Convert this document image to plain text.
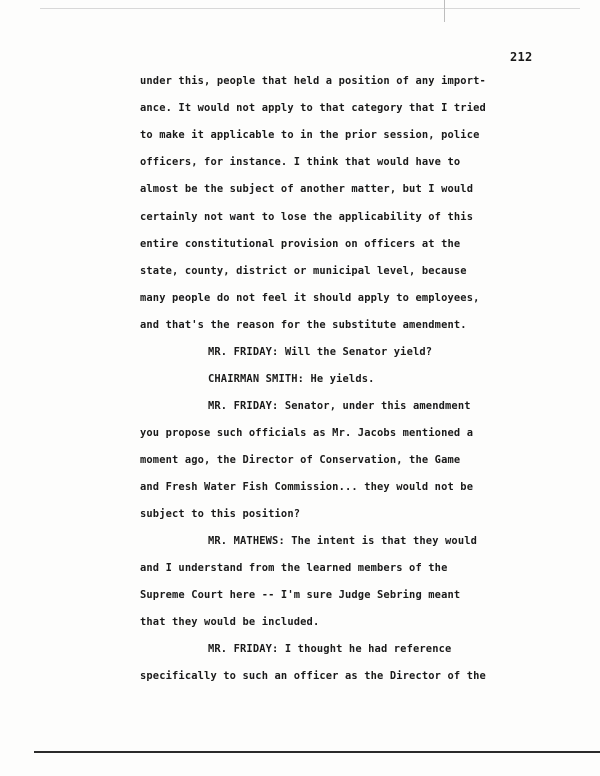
212
under this, people that held a position of any import-
ance. It would not apply to that category that I tried
to make it applicable to in the prior session, police
officers, for instance. I think that would have to
almost be the subject of another matter, but I would
certainly not want to lose the applicability of this
entire constitutional provision on officers at the
state, county, district or municipal level, because
many people do not feel it should apply to employees,
and that's the reason for the substitute amendment.
MR. FRIDAY: Will the Senator yield?
CHAIRMAN SMITH: He yields.
MR. FRIDAY: Senator, under this amendment
you propose such officials as Mr. Jacobs mentioned a
moment ago, the Director of Conservation, the Game
and Fresh Water Fish Commission... they would not be
subject to this position?
MR. MATHEWS: The intent is that they would
and I understand from the learned members of the
Supreme Court here -- I'm sure Judge Sebring meant
that they would be included.
MR. FRIDAY: I thought he had reference
specifically to such an officer as the Director of the
